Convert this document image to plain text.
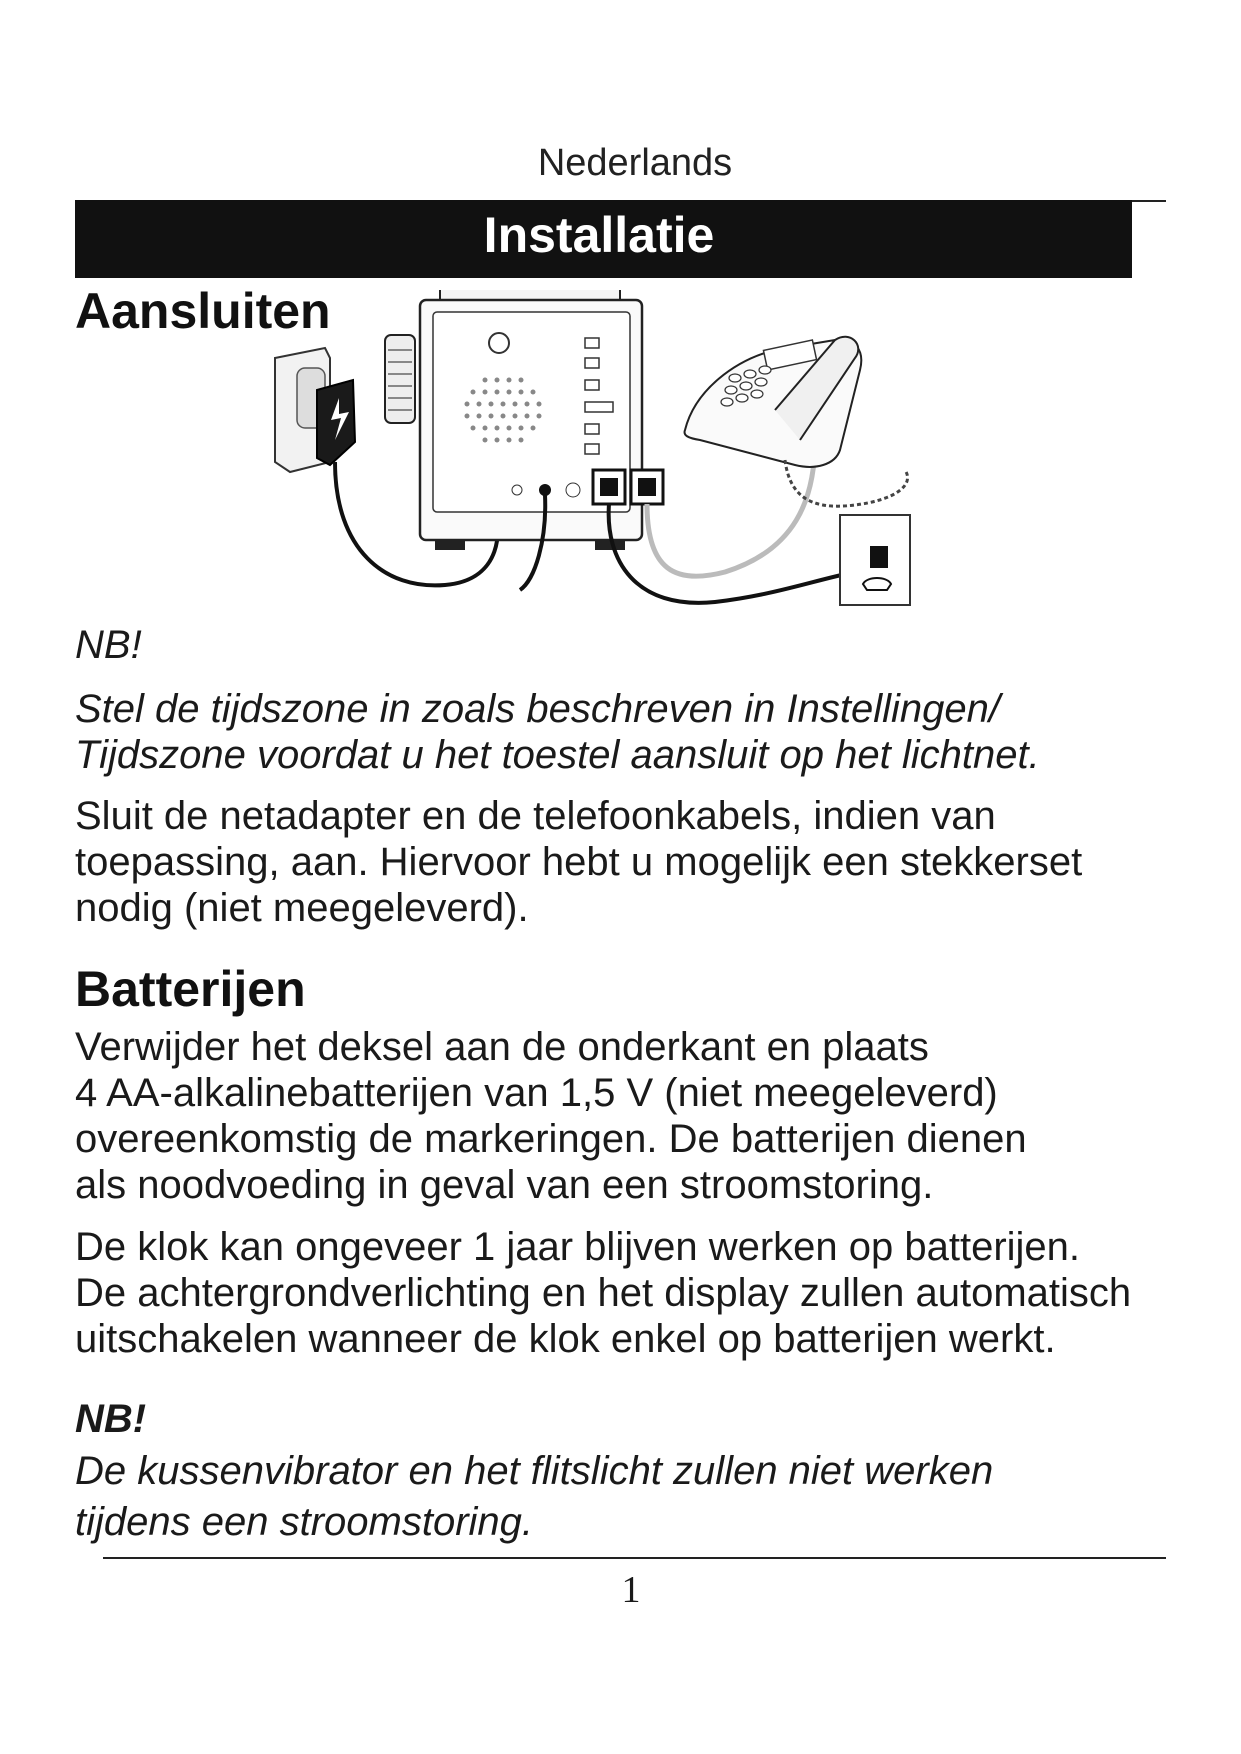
Nederlands
Installatie
Aansluiten

NB!

Stel de tijdszone in zoals beschreven in Instellingen/

Tijdszone voordat u het toestel aansluit op het lichtnet.

Sluit de netadapter en de telefoonkabels, indien van

toepassing, aan. Hiervoor hebt u mogelijk een stekkerset

nodig (niet meegeleverd).

Batterijen

Verwijder het deksel aan de onderkant en plaats

4 AA-alkalinebatterijen van 1,5 V (niet meegeleverd)

overeenkomstig de markeringen. De batterijen dienen

als noodvoeding in geval van een stroomstoring.

De klok kan ongeveer 1 jaar blijven werken op batterijen.

De achtergrondverlichting en het display zullen automatisch

uitschakelen wanneer de klok enkel op batterijen werkt.

NB!

De kussenvibrator en het flitslicht zullen niet werken

tijdens een stroomstoring.

1
